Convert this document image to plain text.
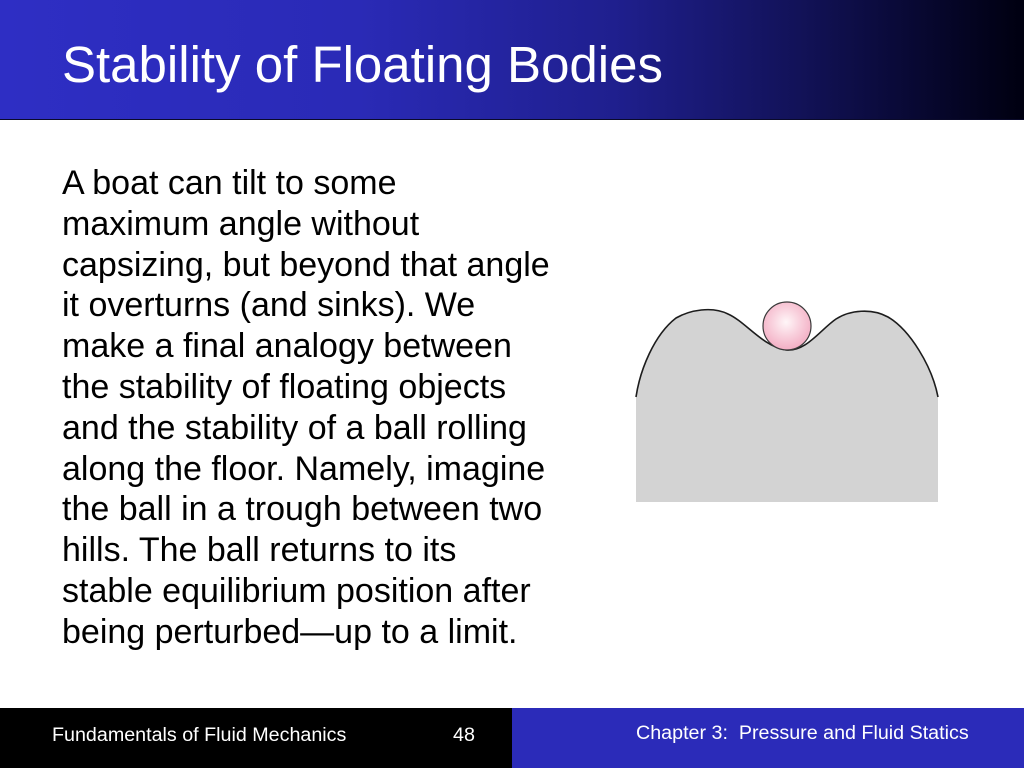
Stability of Floating Bodies
A boat can tilt to some
maximum angle without
capsizing, but beyond that angle
it overturns (and sinks). We
make a final analogy between
the stability of floating objects
and the stability of a ball rolling
along the floor. Namely, imagine
the ball in a trough between two
hills. The ball returns to its
stable equilibrium position after
being perturbed—up to a limit.
Fundamentals of Fluid Mechanics	48	Chapter 3:  Pressure and Fluid Statics
